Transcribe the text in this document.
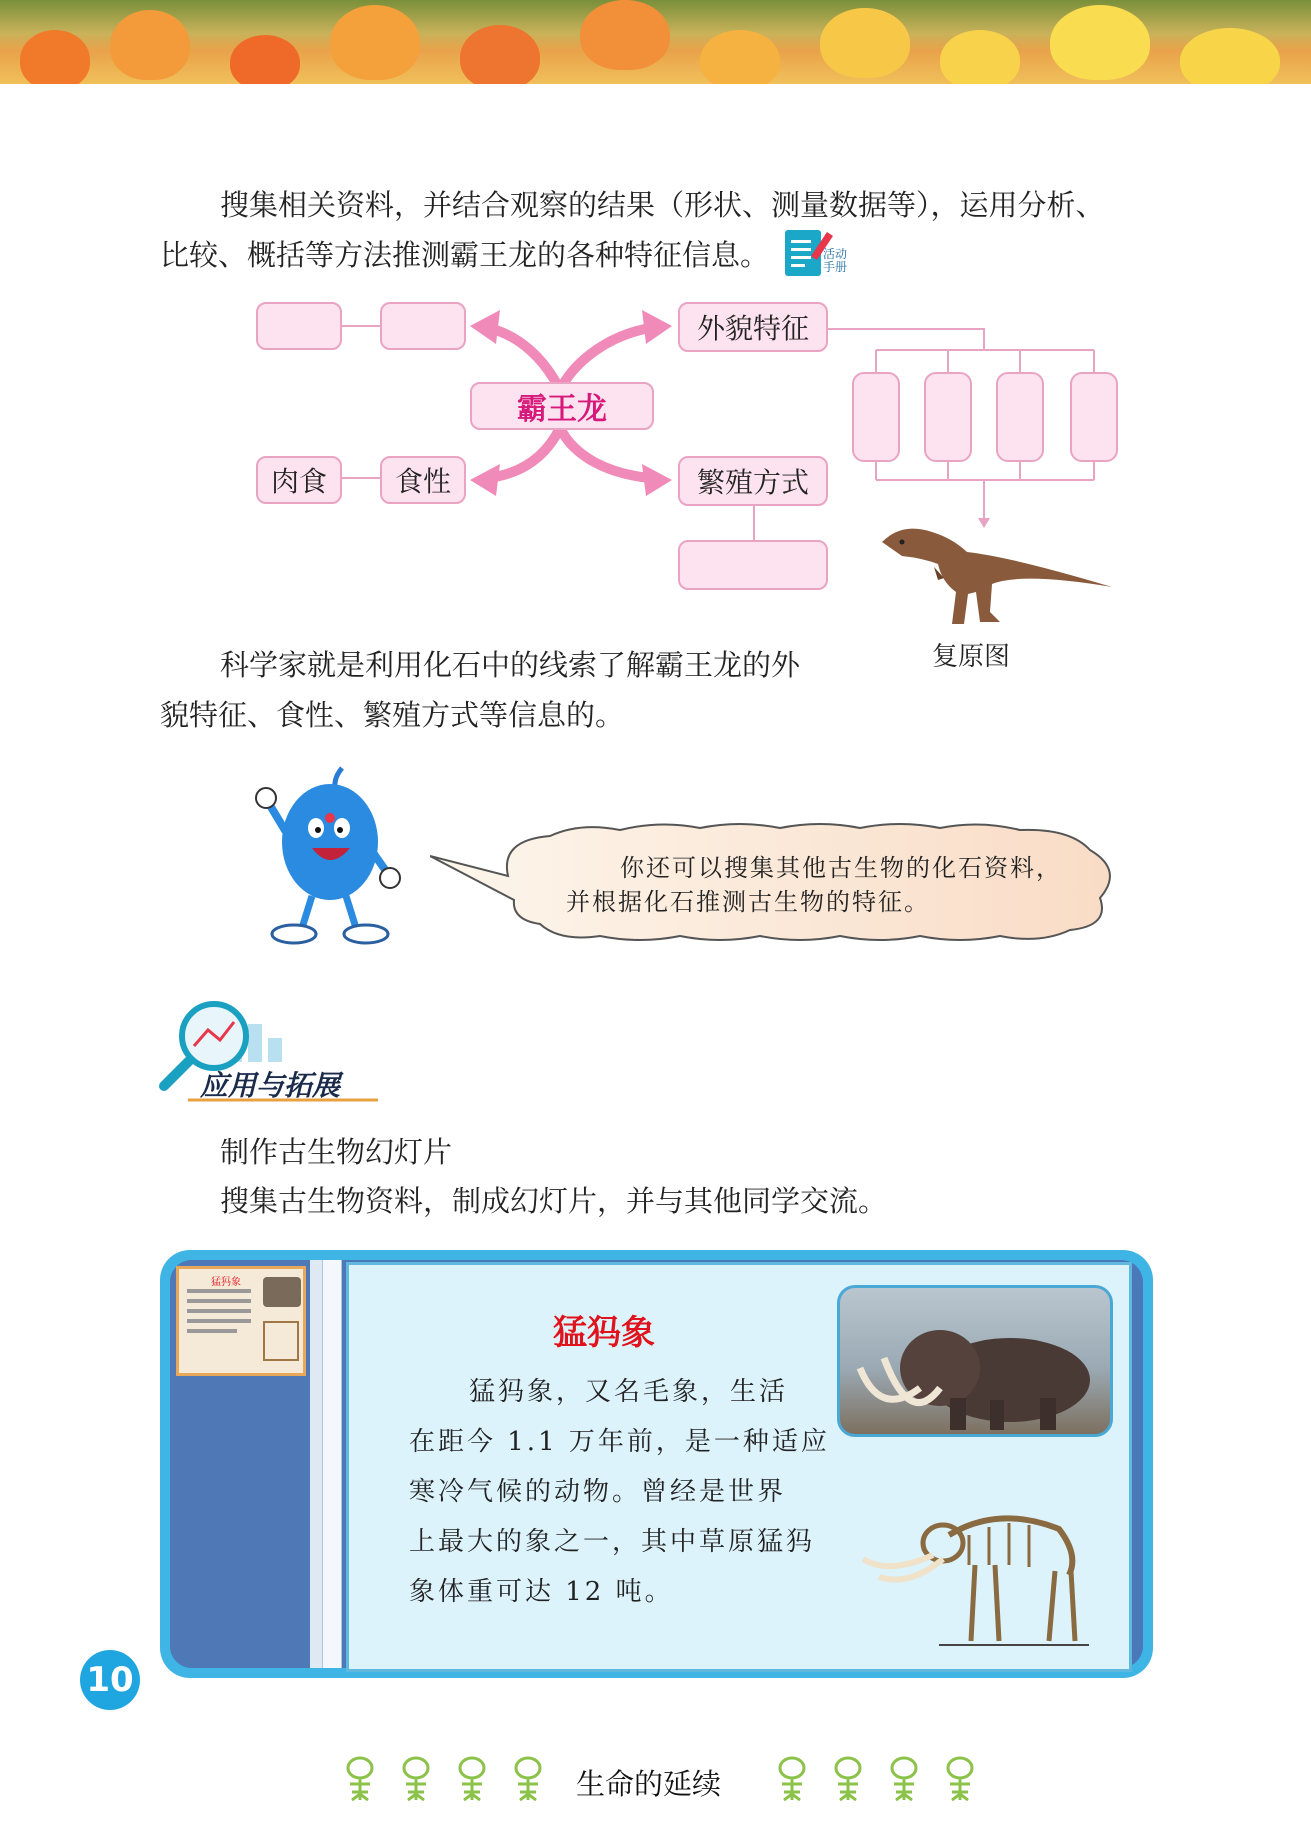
搜集相关资料，并结合观察的结果（形状、测量数据等），运用分析、
比较、概括等方法推测霸王龙的各种特征信息。	活动
手册
外貌特征
霸王龙
肉食	食性	繁殖方式
复原图
科学家就是利用化石中的线索了解霸王龙的外
貌特征、食性、繁殖方式等信息的。
你还可以搜集其他古生物的化石资料，
并根据化石推测古生物的特征。
应用与拓展
制作古生物幻灯片
搜集古生物资料，制成幻灯片，并与其他同学交流。
猛犸象
猛犸象
猛犸象，又名毛象，生活
在距今 1.1 万年前，是一种适应
寒冷气候的动物。曾经是世界
上最大的象之一，其中草原猛犸
象体重可达 12 吨。
10
生命的延续
